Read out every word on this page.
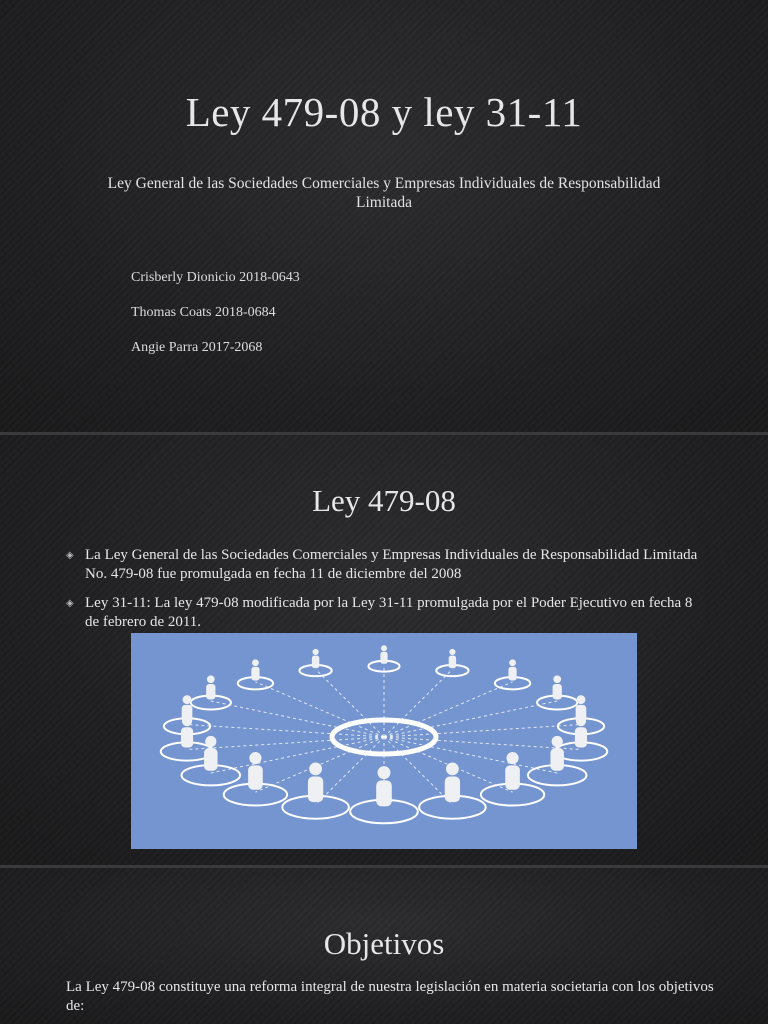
Ley 479-08 y ley 31-11
Ley General de las Sociedades Comerciales y Empresas Individuales de Responsabilidad Limitada
Crisberly Dionicio 2018-0643
Thomas Coats 2018-0684
Angie Parra 2017-2068
Ley 479-08
◈ La Ley General de las Sociedades Comerciales y Empresas Individuales de Responsabilidad Limitada No. 479-08 fue promulgada en fecha 11 de diciembre del 2008
◈ Ley 31-11: La ley 479-08 modificada por la Ley 31-11 promulgada por el Poder Ejecutivo en fecha 8 de febrero de 2011.
Objetivos
La Ley 479-08 constituye una reforma integral de nuestra legislación en materia societaria con los objetivos de:
